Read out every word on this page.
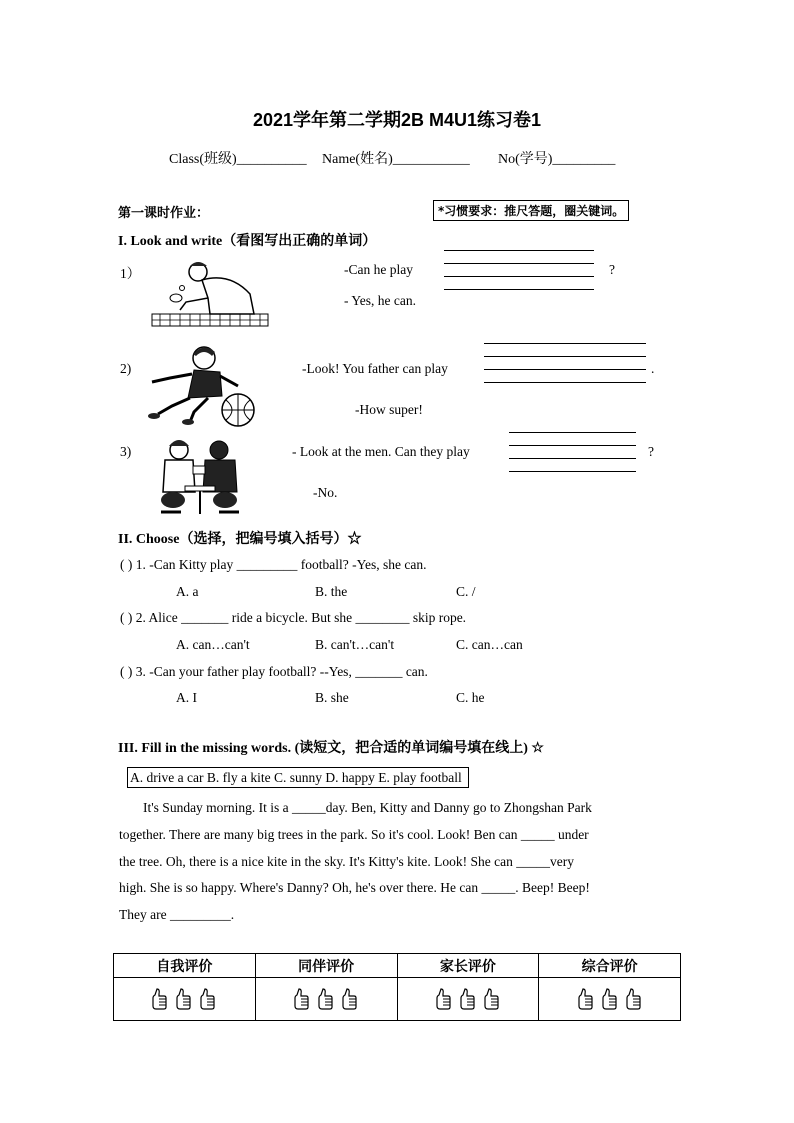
2021学年第二学期2B M4U1练习卷1
Class(班级)__________ Name(姓名)___________ No(学号)_________
第一课时作业：	*习惯要求：推尺答题，圈关键词。
I. Look and write（看图写出正确的单词）
1）	-Can he play	?
- Yes, he can.
2)	-Look! You father can play	.
-How super!
3)	- Look at the men. Can they play	?
-No.
II. Choose（选择，把编号填入括号）☆
( ) 1. -Can Kitty play _________ football? -Yes, she can.
A. a	B. the	C. /
( ) 2. Alice _______ ride a bicycle. But she ________ skip rope.
A. can…can't	B. can't…can't	C. can…can
( ) 3. -Can your father play football? --Yes, _______ can.
A. I	B. she	C. he
III. Fill in the missing words. (读短文，把合适的单词编号填在线上) ☆
A. drive a car B. fly a kite C. sunny D. happy E. play football
It's Sunday morning. It is a _____day. Ben, Kitty and Danny go to Zhongshan Park
together. There are many big trees in the park. So it's cool. Look! Ben can _____ under
the tree. Oh, there is a nice kite in the sky. It's Kitty's kite. Look! She can _____very
high. She is so happy. Where's Danny? Oh, he's over there. He can _____. Beep! Beep!
They are _________.
自我评价	同伴评价	家长评价	综合评价
